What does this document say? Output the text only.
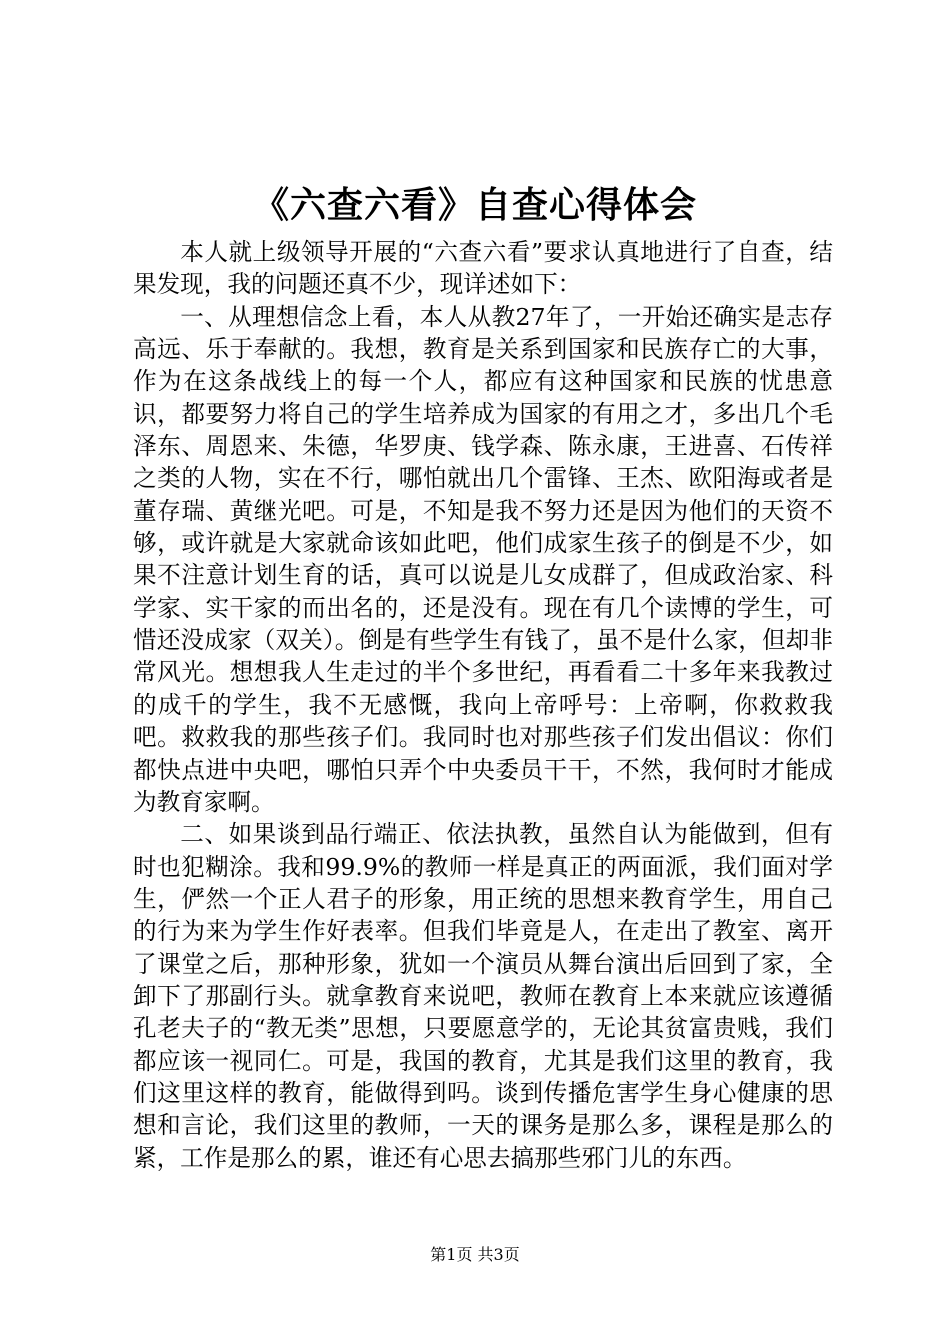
《六查六看》自查心得体会

本人就上级领导开展的“六查六看”要求认真地进行了自查，结果发现，我的问题还真不少，现详述如下：

一、从理想信念上看，本人从教27年了，一开始还确实是志存高远、乐于奉献的。我想，教育是关系到国家和民族存亡的大事，作为在这条战线上的每一个人，都应有这种国家和民族的忧患意识，都要努力将自己的学生培养成为国家的有用之才，多出几个毛泽东、周恩来、朱德，华罗庚、钱学森、陈永康，王进喜、石传祥之类的人物，实在不行，哪怕就出几个雷锋、王杰、欧阳海或者是董存瑞、黄继光吧。可是，不知是我不努力还是因为他们的天资不够，或许就是大家就命该如此吧，他们成家生孩子的倒是不少，如果不注意计划生育的话，真可以说是儿女成群了，但成政治家、科学家、实干家的而出名的，还是没有。现在有几个读博的学生，可惜还没成家（双关）。倒是有些学生有钱了，虽不是什么家，但却非常风光。想想我人生走过的半个多世纪，再看看二十多年来我教过的成千的学生，我不无感慨，我向上帝呼号：上帝啊，你救救我吧。救救我的那些孩子们。我同时也对那些孩子们发出倡议：你们都快点进中央吧，哪怕只弄个中央委员干干，不然，我何时才能成为教育家啊。

二、如果谈到品行端正、依法执教，虽然自认为能做到，但有时也犯糊涂。我和99.9%的教师一样是真正的两面派，我们面对学生，俨然一个正人君子的形象，用正统的思想来教育学生，用自己的行为来为学生作好表率。但我们毕竟是人，在走出了教室、离开了课堂之后，那种形象，犹如一个演员从舞台演出后回到了家，全卸下了那副行头。就拿教育来说吧，教师在教育上本来就应该遵循孔老夫子的“教无类”思想，只要愿意学的，无论其贫富贵贱，我们都应该一视同仁。可是，我国的教育，尤其是我们这里的教育，我们这里这样的教育，能做得到吗。谈到传播危害学生身心健康的思想和言论，我们这里的教师，一天的课务是那么多，课程是那么的紧，工作是那么的累，谁还有心思去搞那些邪门儿的东西。

第1页 共3页
